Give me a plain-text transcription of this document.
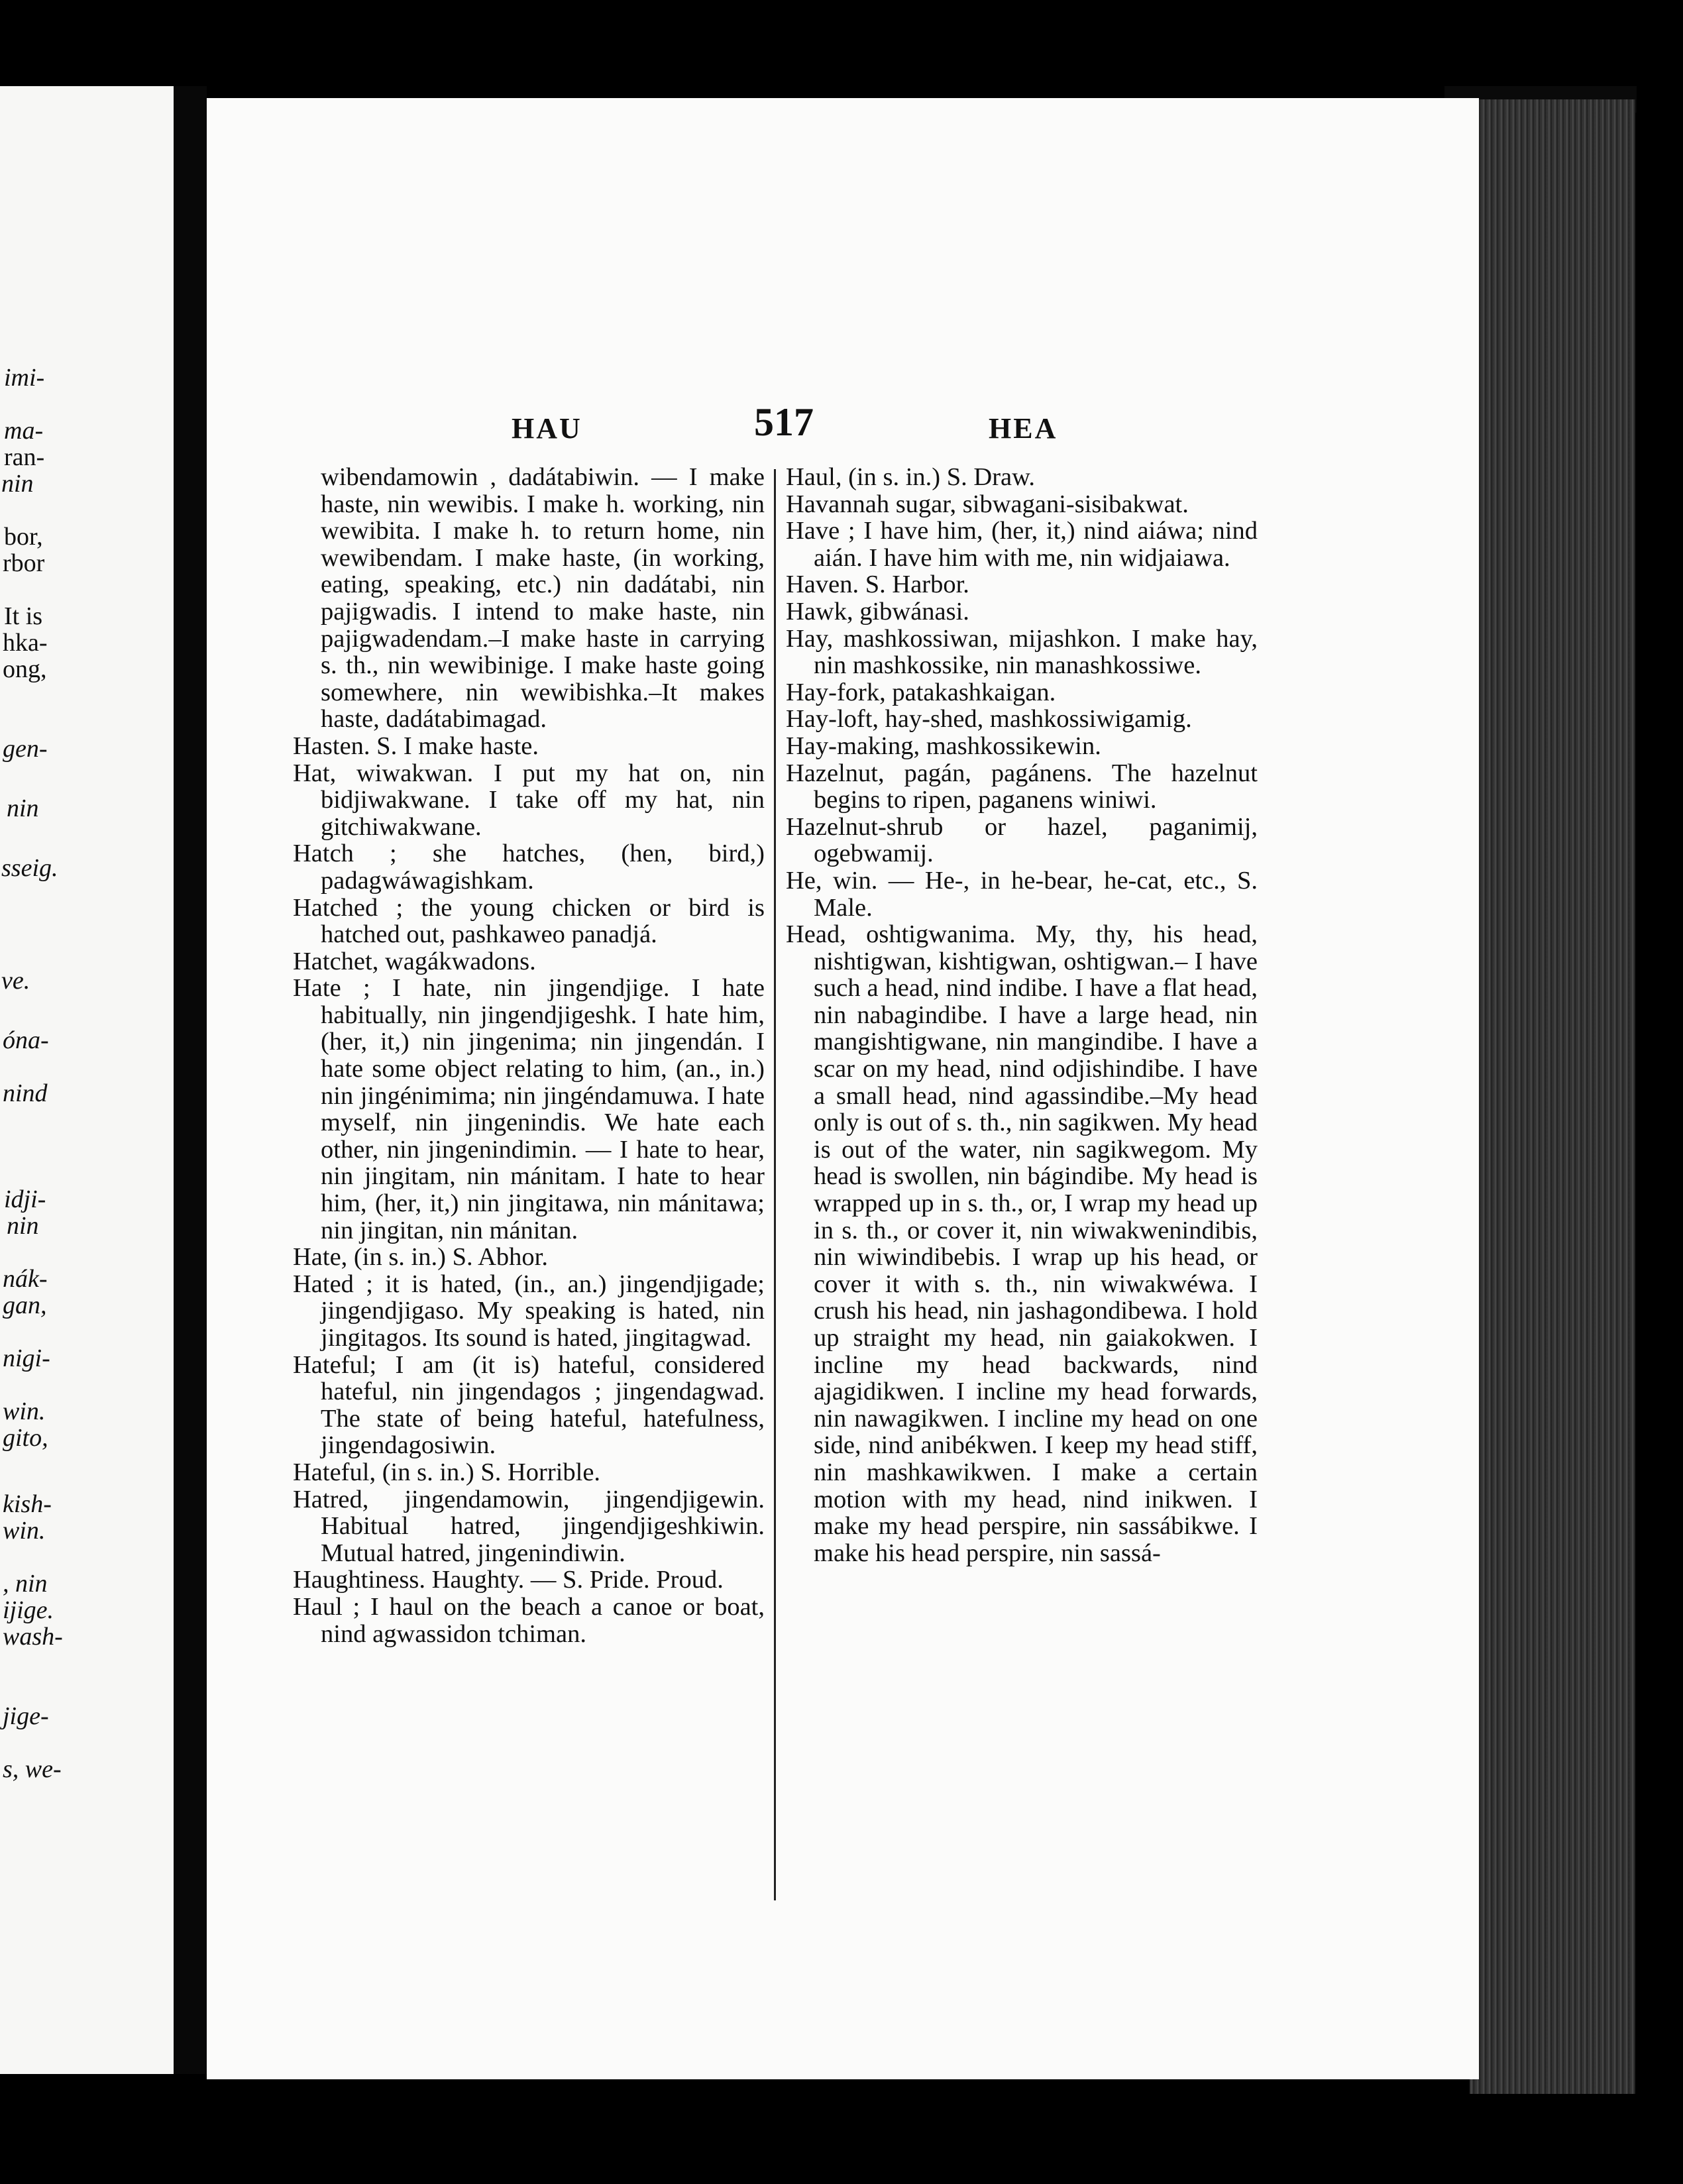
imi-
ma-
ran-
nin
bor,
rbor
It is
hka-
ong,
gen-
nin
sseig.
ve.
óna-
nind
idji-
nin
nák-
gan,
nigi-
win.
gito,
kish-
win.
, nin
ijige.
wash-
jige-
s, we-
HAU	517	HEA

wibendamowin , dadátabiwin. — I make haste, nin wewibis. I make h. working, nin wewibita. I make h. to return home, nin wewibendam. I make haste, (in working, eating, speaking, etc.) nin dadátabi, nin pajigwadis. I intend to make haste, nin pajigwadendam.–I make haste in carrying s. th., nin wewibinige. I make haste going somewhere, nin wewibishka.–It makes haste, dadátabimagad.

Hasten. S. I make haste.

Hat, wiwakwan. I put my hat on, nin bidjiwakwane. I take off my hat, nin gitchiwakwane.

Hatch ; she hatches, (hen, bird,) padagwáwagishkam.

Hatched ; the young chicken or bird is hatched out, pashkaweo panadjá.

Hatchet, wagákwadons.

Hate ; I hate, nin jingendjige. I hate habitually, nin jingendjigeshk. I hate him, (her, it,) nin jingenima; nin jingendán. I hate some object relating to him, (an., in.) nin jingénimima; nin jingéndamuwa. I hate myself, nin jingenindis. We hate each other, nin jingenindimin. — I hate to hear, nin jingitam, nin mánitam. I hate to hear him, (her, it,) nin jingitawa, nin mánitawa; nin jingitan, nin mánitan.

Hate, (in s. in.) S. Abhor.

Hated ; it is hated, (in., an.) jingendjigade; jingendjigaso. My speaking is hated, nin jingitagos. Its sound is hated, jingitagwad.

Hateful; I am (it is) hateful, considered hateful, nin jingendagos ; jingendagwad. The state of being hateful, hatefulness, jingendagosiwin.

Hateful, (in s. in.) S. Horrible.

Hatred, jingendamowin, jingendjigewin. Habitual hatred, jingendjigeshkiwin. Mutual hatred, jingenindiwin.

Haughtiness. Haughty. — S. Pride. Proud.

Haul ; I haul on the beach a canoe or boat, nind agwassidon tchiman.

Haul, (in s. in.) S. Draw.

Havannah sugar, sibwagani-sisibakwat.

Have ; I have him, (her, it,) nind aiáwa; nind aián. I have him with me, nin widjaiawa.

Haven. S. Harbor.

Hawk, gibwánasi.

Hay, mashkossiwan, mijashkon. I make hay, nin mashkossike, nin manashkossiwe.

Hay-fork, patakashkaigan.

Hay-loft, hay-shed, mashkossiwigamig.

Hay-making, mashkossikewin.

Hazelnut, pagán, pagánens. The hazelnut begins to ripen, paganens winiwi.

Hazelnut-shrub or hazel, paganimij, ogebwamij.

He, win. — He-, in he-bear, he-cat, etc., S. Male.

Head, oshtigwanima. My, thy, his head, nishtigwan, kishtigwan, oshtigwan.– I have such a head, nind indibe. I have a flat head, nin nabagindibe. I have a large head, nin mangishtigwane, nin mangindibe. I have a scar on my head, nind odjishindibe. I have a small head, nind agassindibe.–My head only is out of s. th., nin sagikwen. My head is out of the water, nin sagikwegom. My head is swollen, nin bágindibe. My head is wrapped up in s. th., or, I wrap my head up in s. th., or cover it, nin wiwakwenindibis, nin wiwindibebis. I wrap up his head, or cover it with s. th., nin wiwakwéwa. I crush his head, nin jashagondibewa. I hold up straight my head, nin gaiakokwen. I incline my head backwards, nind ajagidikwen. I incline my head forwards, nin nawagikwen. I incline my head on one side, nind anibékwen. I keep my head stiff, nin mashkawikwen. I make a certain motion with my head, nind inikwen. I make my head perspire, nin sassábikwe. I make his head perspire, nin sassá-
